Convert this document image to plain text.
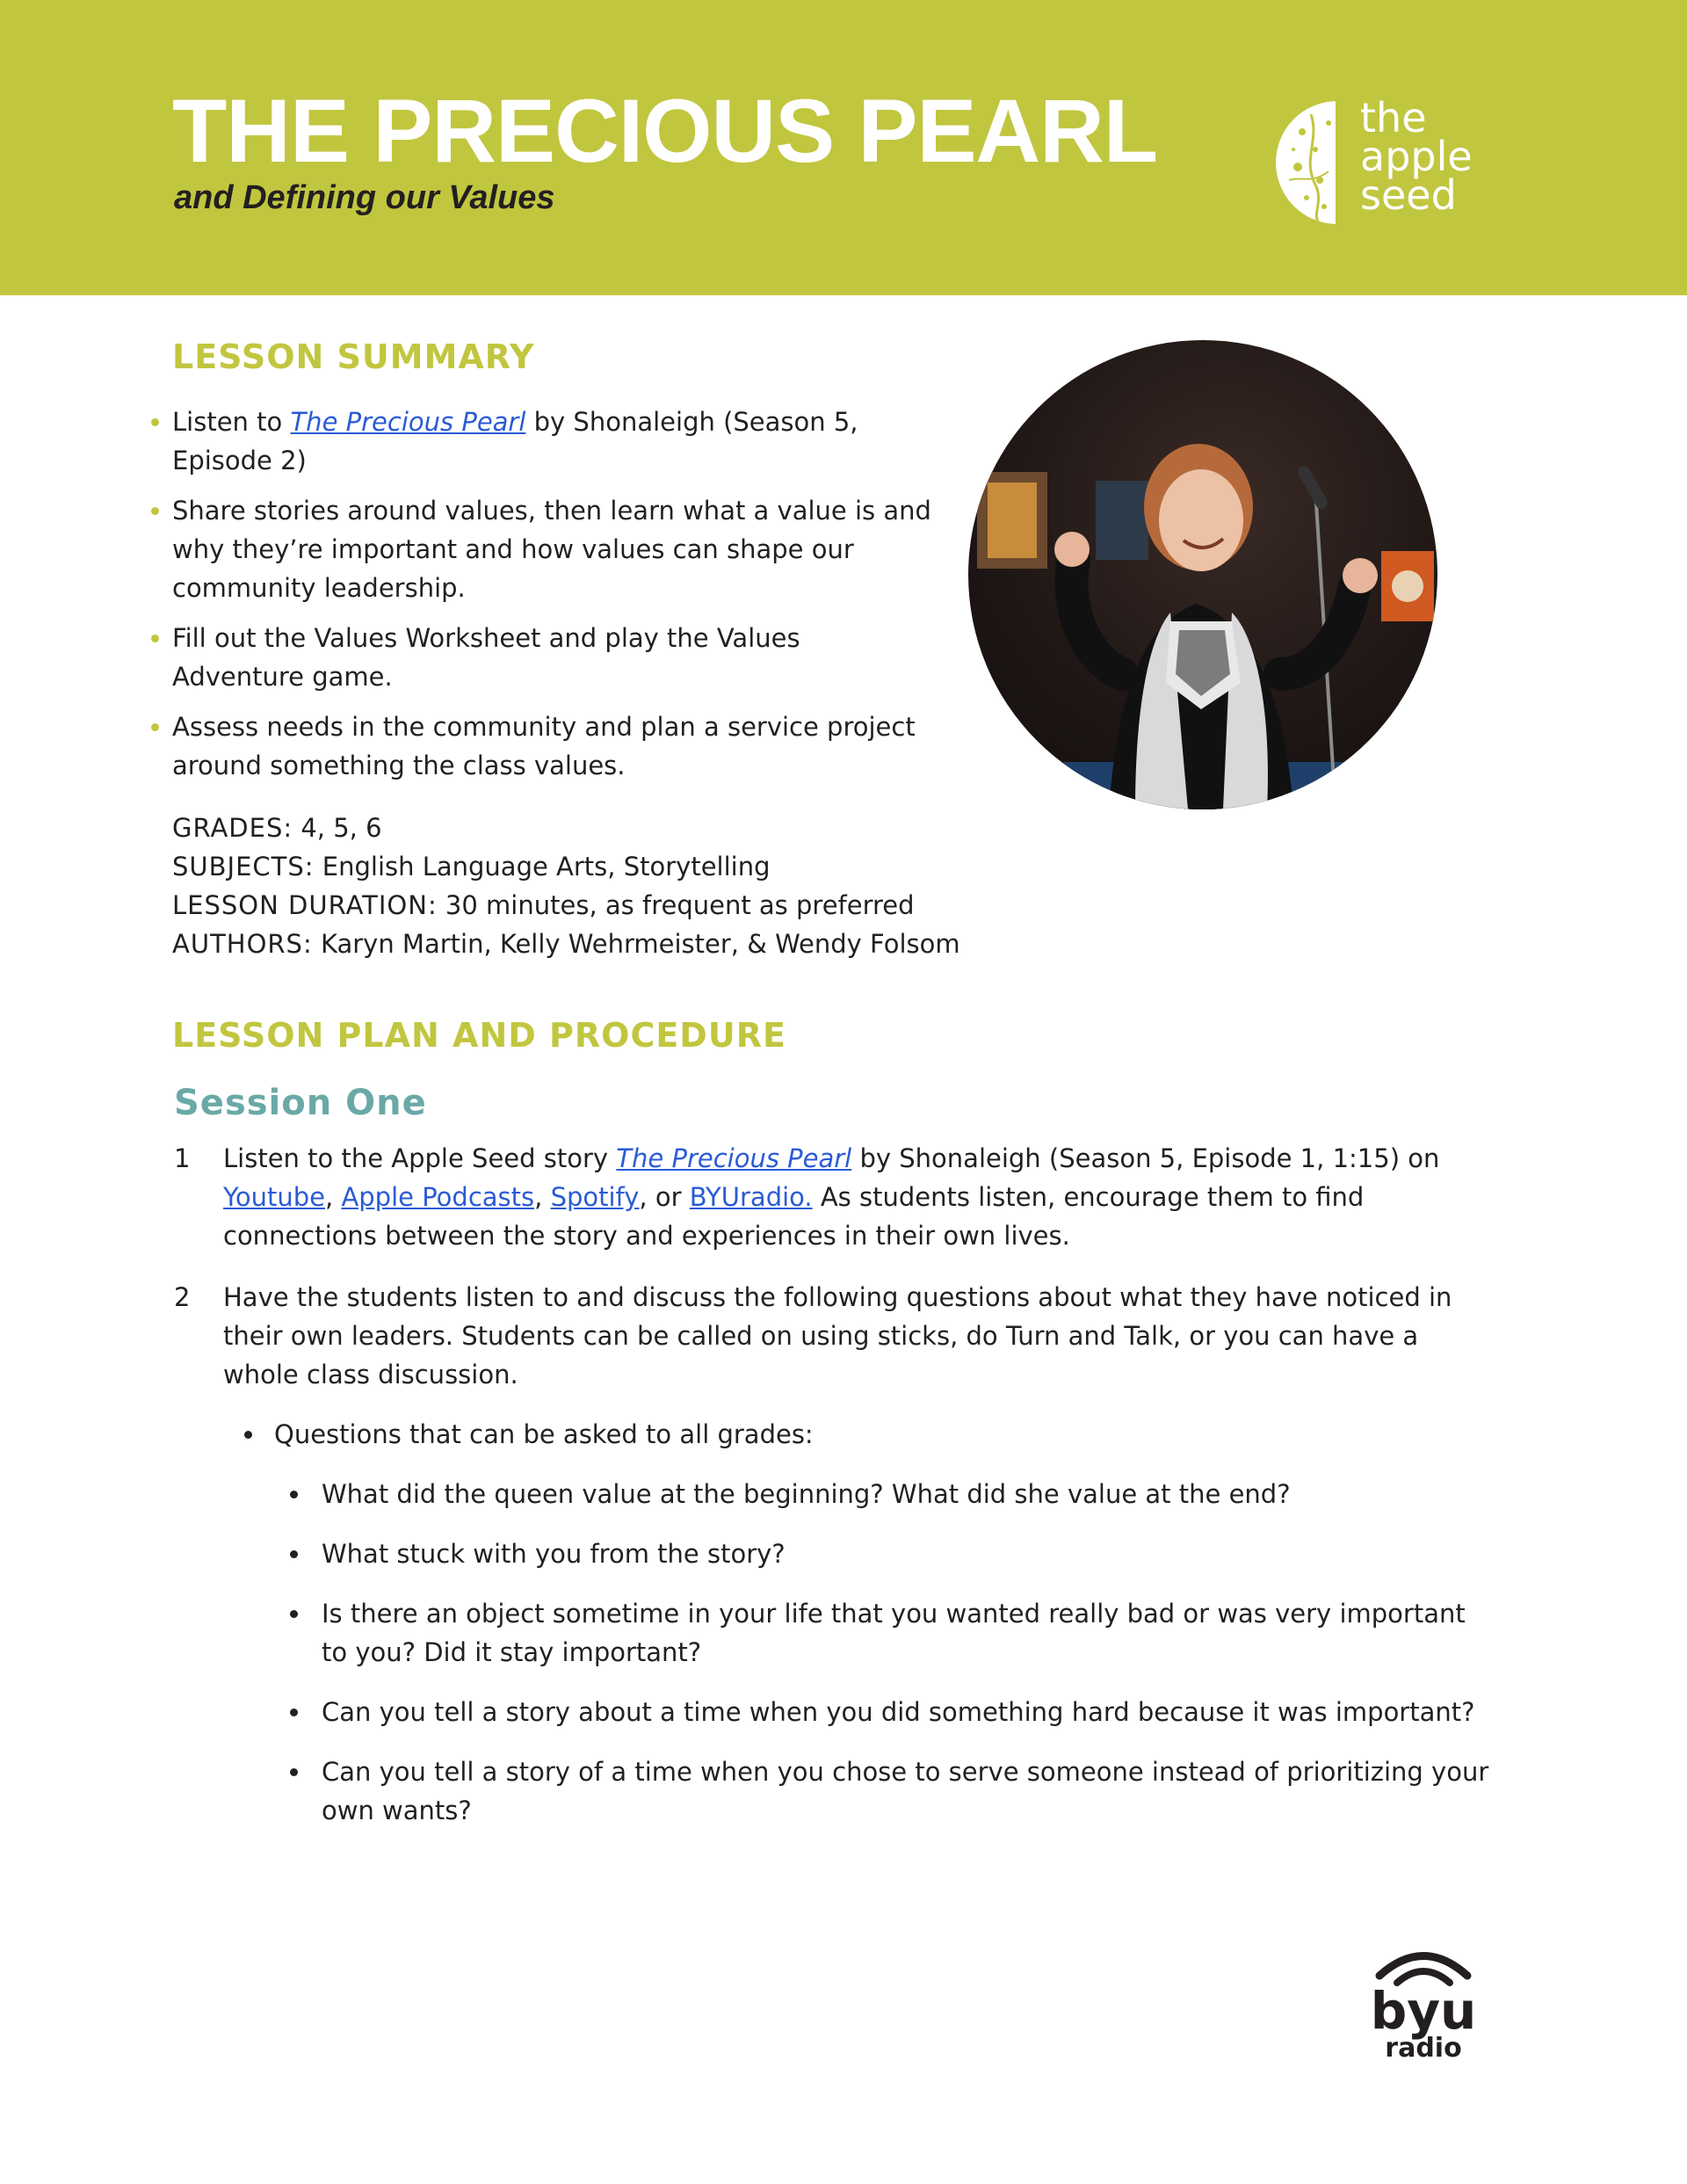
THE PRECIOUS PEARL
and Defining our Values
the
apple
seed
LESSON SUMMARY
Listen to The Precious Pearl by Shonaleigh (Season 5, Episode 2)
Share stories around values, then learn what a value is and why they’re important and how values can shape our community leadership.
Fill out the Values Worksheet and play the Values Adventure game.
Assess needs in the community and plan a service project around something the class values.
GRADES: 4, 5, 6
SUBJECTS: English Language Arts, Storytelling
LESSON DURATION: 30 minutes, as frequent as preferred
AUTHORS: Karyn Martin, Kelly Wehrmeister, & Wendy Folsom
LESSON PLAN AND PROCEDURE
Session One
1 Listen to the Apple Seed story The Precious Pearl by Shonaleigh (Season 5, Episode 1, 1:15) on Youtube, Apple Podcasts, Spotify, or BYUradio. As students listen, encourage them to find connections between the story and experiences in their own lives.
2 Have the students listen to and discuss the following questions about what they have noticed in their own leaders. Students can be called on using sticks, do Turn and Talk, or you can have a whole class discussion.
Questions that can be asked to all grades:
What did the queen value at the beginning? What did she value at the end?
What stuck with you from the story?
Is there an object sometime in your life that you wanted really bad or was very important to you? Did it stay important?
Can you tell a story about a time when you did something hard because it was important?
Can you tell a story of a time when you chose to serve someone instead of prioritizing your own wants?
byu
radio
